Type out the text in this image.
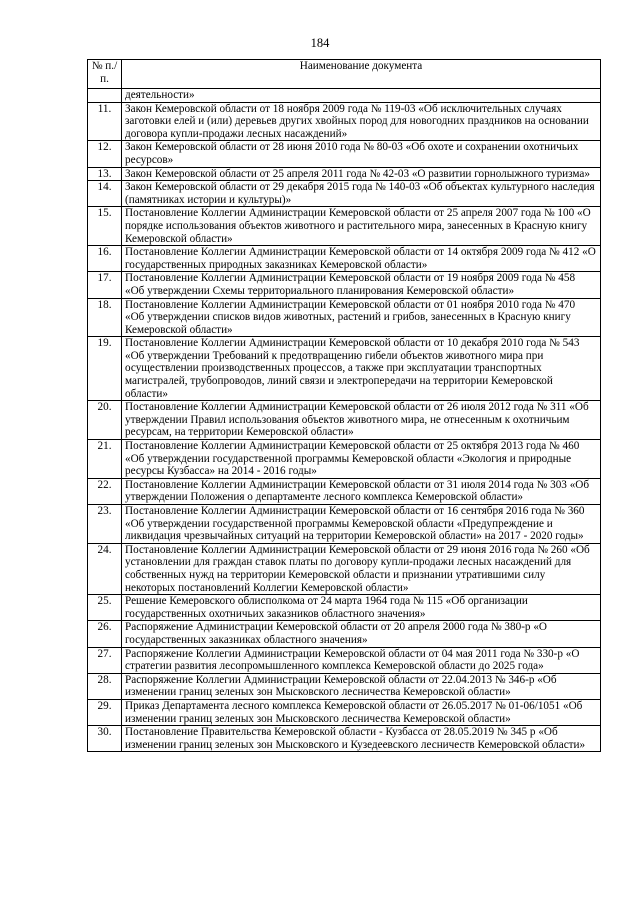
184
№ п./п.	Наименование документа
	деятельности»
11.	Закон Кемеровской области от 18 ноября 2009 года № 119-03 «Об исключительных случаях заготовки елей и (или) деревьев других хвойных пород для новогодних праздников на основании договора купли-продажи лесных насаждений»
12.	Закон Кемеровской области от 28 июня 2010 года № 80-03 «Об охоте и сохранении охотничьих ресурсов»
13.	Закон Кемеровской области от 25 апреля 2011 года № 42-03 «О развитии горнолыжного туризма»
14.	Закон Кемеровской области от 29 декабря 2015 года № 140-03 «Об объектах культурного наследия (памятниках истории и культуры)»
15.	Постановление Коллегии Администрации Кемеровской области от 25 апреля 2007 года № 100 «О порядке использования объектов животного и растительного мира, занесенных в Красную книгу Кемеровской области»
16.	Постановление Коллегии Администрации Кемеровской области от 14 октября 2009 года № 412 «О государственных природных заказниках Кемеровской области»
17.	Постановление Коллегии Администрации Кемеровской области от 19 ноября 2009 года № 458 «Об утверждении Схемы территориального планирования Кемеровской области»
18.	Постановление Коллегии Администрации Кемеровской области от 01 ноября 2010 года № 470 «Об утверждении списков видов животных, растений и грибов, занесенных в Красную книгу Кемеровской области»
19.	Постановление Коллегии Администрации Кемеровской области от 10 декабря 2010 года № 543 «Об утверждении Требований к предотвращению гибели объектов животного мира при осуществлении производственных процессов, а также при эксплуатации транспортных магистралей, трубопроводов, линий связи и электропередачи на территории Кемеровской области»
20.	Постановление Коллегии Администрации Кемеровской области от 26 июля 2012 года № 311 «Об утверждении Правил использования объектов животного мира, не отнесенным к охотничьим ресурсам, на территории Кемеровской области»
21.	Постановление Коллегии Администрации Кемеровской области от 25 октября 2013 года № 460 «Об утверждении государственной программы Кемеровской области «Экология и природные ресурсы Кузбасса» на 2014 - 2016 годы»
22.	Постановление Коллегии Администрации Кемеровской области от 31 июля 2014 года № 303 «Об утверждении Положения о департаменте лесного комплекса Кемеровской области»
23.	Постановление Коллегии Администрации Кемеровской области от 16 сентября 2016 года № 360 «Об утверждении государственной программы Кемеровской области «Предупреждение и ликвидация чрезвычайных ситуаций на территории Кемеровской области» на 2017 - 2020 годы»
24.	Постановление Коллегии Администрации Кемеровской области от 29 июня 2016 года № 260 «Об установлении для граждан ставок платы по договору купли-продажи лесных насаждений для собственных нужд на территории Кемеровской области и признании утратившими силу некоторых постановлений Коллегии Кемеровской области»
25.	Решение Кемеровского облисполкома от 24 марта 1964 года № 115 «Об организации государственных охотничьих заказников областного значения»
26.	Распоряжение Администрации Кемеровской области от 20 апреля 2000 года № 380-р «О государственных заказниках областного значения»
27.	Распоряжение Коллегии Администрации Кемеровской области от 04 мая 2011 года № 330-р «О стратегии развития лесопромышленного комплекса Кемеровской области до 2025 года»
28.	Распоряжение Коллегии Администрации Кемеровской области от 22.04.2013 № 346-р «Об изменении границ зеленых зон Мысковского лесничества Кемеровской области»
29.	Приказ Департамента лесного комплекса Кемеровской области от 26.05.2017 № 01-06/1051 «Об изменении границ зеленых зон Мысковского лесничества Кемеровской области»
30.	Постановление Правительства Кемеровской области - Кузбасса от 28.05.2019 № 345 р «Об изменении границ зеленых зон Мысковского и Кузедеевского лесничеств Кемеровской области»
